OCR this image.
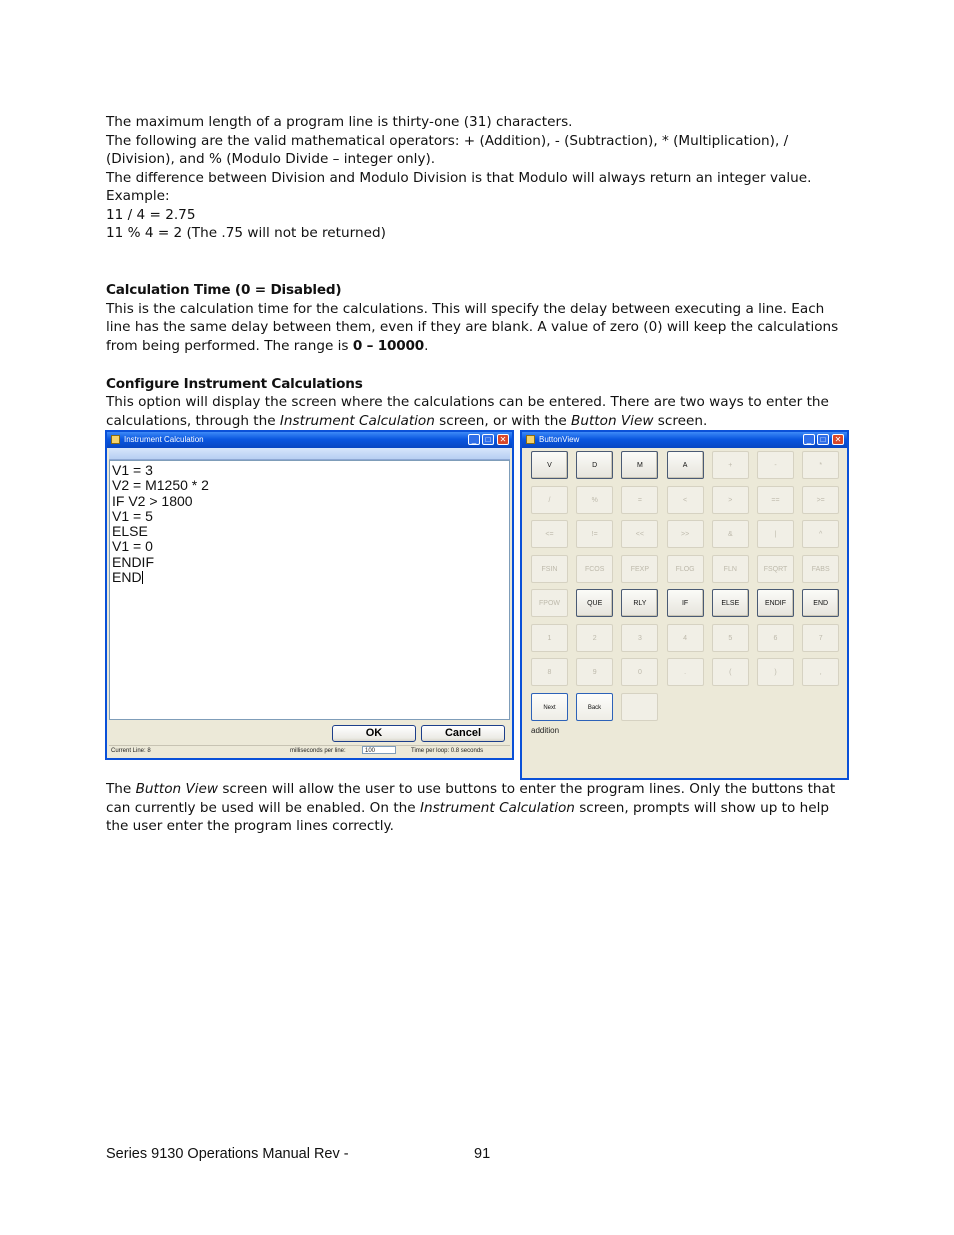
The maximum length of a program line is thirty-one (31) characters.
The following are the valid mathematical operators: + (Addition), - (Subtraction), * (Multiplication), /
(Division), and % (Modulo Divide – integer only).
The difference between Division and Modulo Division is that Modulo will always return an integer value.
Example:
11 / 4 = 2.75
11 % 4 = 2 (The .75 will not be returned)
Calculation Time (0 = Disabled)
This is the calculation time for the calculations. This will specify the delay between executing a line. Each
line has the same delay between them, even if they are blank. A value of zero (0) will keep the calculations
from being performed. The range is 0 – 10000.
Configure Instrument Calculations
This option will display the screen where the calculations can be entered. There are two ways to enter the
calculations, through the Instrument Calculation screen, or with the Button View screen.
Instrument Calculation	_	□	✕
V1 = 3
V2 = M1250 * 2
IF V2 > 1800
V1 = 5
ELSE
V1 = 0
ENDIF
END
OK	Cancel
Current Line: 8	milliseconds per line:	100	Time per loop: 0.8 seconds
ButtonView	_	□	✕
V	D	M	A	+	-	*
/	%	=	<	>	==	>=
<=	!=	<<	>>	&	|	^
FSIN	FCOS	FEXP	FLOG	FLN	FSQRT	FABS
FPOW	QUE	RLY	IF	ELSE	ENDIF	END
1	2	3	4	5	6	7
8	9	0	.	(	)	,
Next	Back
addition
The Button View screen will allow the user to use buttons to enter the program lines. Only the buttons that
can currently be used will be enabled. On the Instrument Calculation screen, prompts will show up to help
the user enter the program lines correctly.
Series 9130 Operations Manual Rev -	91
